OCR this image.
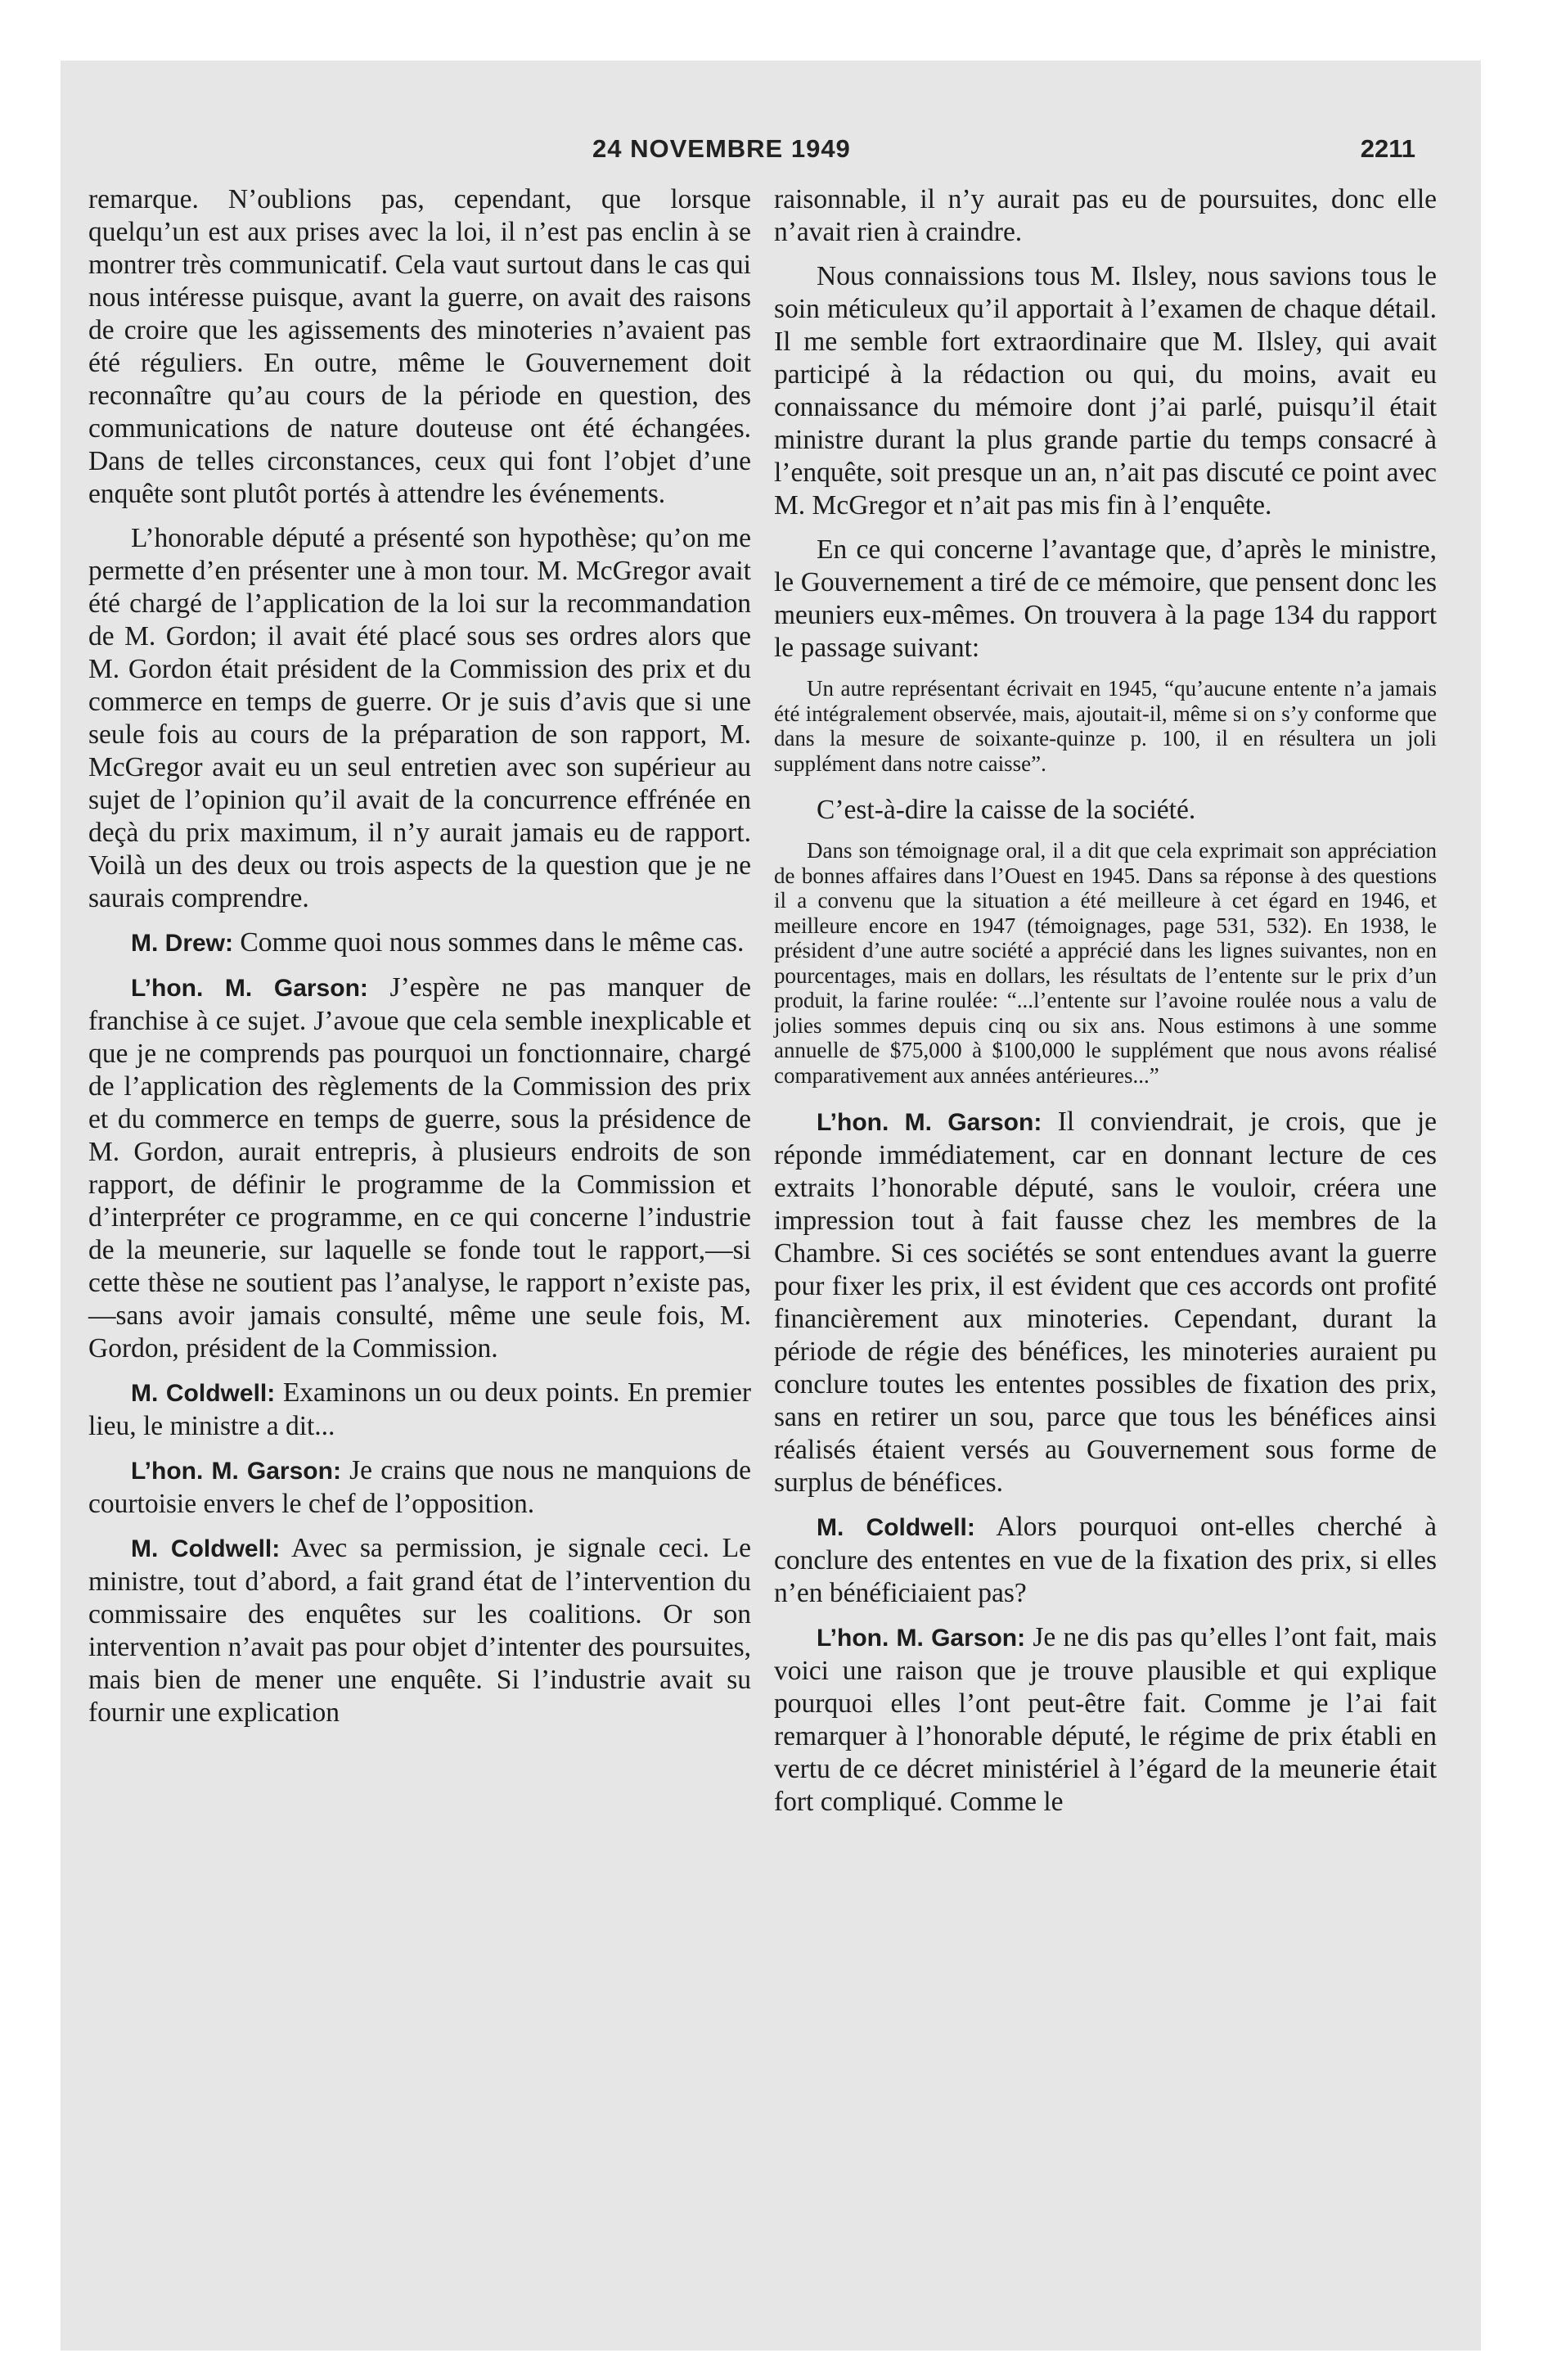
24 NOVEMBRE 1949	2211

remarque. N’oublions pas, cependant, que lorsque quelqu’un est aux prises avec la loi, il n’est pas enclin à se montrer très communicatif. Cela vaut surtout dans le cas qui nous intéresse puisque, avant la guerre, on avait des raisons de croire que les agissements des minoteries n’avaient pas été réguliers. En outre, même le Gouvernement doit reconnaître qu’au cours de la période en question, des communications de nature douteuse ont été échangées. Dans de telles circonstances, ceux qui font l’objet d’une enquête sont plutôt portés à attendre les événements.

L’honorable député a présenté son hypothèse; qu’on me permette d’en présenter une à mon tour. M. McGregor avait été chargé de l’application de la loi sur la recommandation de M. Gordon; il avait été placé sous ses ordres alors que M. Gordon était président de la Commission des prix et du commerce en temps de guerre. Or je suis d’avis que si une seule fois au cours de la préparation de son rapport, M. McGregor avait eu un seul entretien avec son supérieur au sujet de l’opinion qu’il avait de la concurrence effrénée en deçà du prix maximum, il n’y aurait jamais eu de rapport. Voilà un des deux ou trois aspects de la question que je ne saurais comprendre.

M. Drew: Comme quoi nous sommes dans le même cas.

L’hon. M. Garson: J’espère ne pas manquer de franchise à ce sujet. J’avoue que cela semble inexplicable et que je ne comprends pas pourquoi un fonctionnaire, chargé de l’application des règlements de la Commission des prix et du commerce en temps de guerre, sous la présidence de M. Gordon, aurait entrepris, à plusieurs endroits de son rapport, de définir le programme de la Commission et d’interpréter ce programme, en ce qui concerne l’industrie de la meunerie, sur laquelle se fonde tout le rapport,—si cette thèse ne soutient pas l’analyse, le rapport n’existe pas, —sans avoir jamais consulté, même une seule fois, M. Gordon, président de la Commission.

M. Coldwell: Examinons un ou deux points. En premier lieu, le ministre a dit...

L’hon. M. Garson: Je crains que nous ne manquions de courtoisie envers le chef de l’opposition.

M. Coldwell: Avec sa permission, je signale ceci. Le ministre, tout d’abord, a fait grand état de l’intervention du commissaire des enquêtes sur les coalitions. Or son intervention n’avait pas pour objet d’intenter des poursuites, mais bien de mener une enquête. Si l’industrie avait su fournir une explication

raisonnable, il n’y aurait pas eu de poursuites, donc elle n’avait rien à craindre.

Nous connaissions tous M. Ilsley, nous savions tous le soin méticuleux qu’il apportait à l’examen de chaque détail. Il me semble fort extraordinaire que M. Ilsley, qui avait participé à la rédaction ou qui, du moins, avait eu connaissance du mémoire dont j’ai parlé, puisqu’il était ministre durant la plus grande partie du temps consacré à l’enquête, soit presque un an, n’ait pas discuté ce point avec M. McGregor et n’ait pas mis fin à l’enquête.

En ce qui concerne l’avantage que, d’après le ministre, le Gouvernement a tiré de ce mémoire, que pensent donc les meuniers eux-mêmes. On trouvera à la page 134 du rapport le passage suivant:

Un autre représentant écrivait en 1945, “qu’aucune entente n’a jamais été intégralement observée, mais, ajoutait-il, même si on s’y conforme que dans la mesure de soixante-quinze p. 100, il en résultera un joli supplément dans notre caisse”.

C’est-à-dire la caisse de la société.

Dans son témoignage oral, il a dit que cela exprimait son appréciation de bonnes affaires dans l’Ouest en 1945. Dans sa réponse à des questions il a convenu que la situation a été meilleure à cet égard en 1946, et meilleure encore en 1947 (témoignages, page 531, 532). En 1938, le président d’une autre société a apprécié dans les lignes suivantes, non en pourcentages, mais en dollars, les résultats de l’entente sur le prix d’un produit, la farine roulée: “...l’entente sur l’avoine roulée nous a valu de jolies sommes depuis cinq ou six ans. Nous estimons à une somme annuelle de $75,000 à $100,000 le supplément que nous avons réalisé comparativement aux années antérieures...”

L’hon. M. Garson: Il conviendrait, je crois, que je réponde immédiatement, car en donnant lecture de ces extraits l’honorable député, sans le vouloir, créera une impression tout à fait fausse chez les membres de la Chambre. Si ces sociétés se sont entendues avant la guerre pour fixer les prix, il est évident que ces accords ont profité financièrement aux minoteries. Cependant, durant la période de régie des bénéfices, les minoteries auraient pu conclure toutes les ententes possibles de fixation des prix, sans en retirer un sou, parce que tous les bénéfices ainsi réalisés étaient versés au Gouvernement sous forme de surplus de bénéfices.

M. Coldwell: Alors pourquoi ont-elles cherché à conclure des ententes en vue de la fixation des prix, si elles n’en bénéficiaient pas?

L’hon. M. Garson: Je ne dis pas qu’elles l’ont fait, mais voici une raison que je trouve plausible et qui explique pourquoi elles l’ont peut-être fait. Comme je l’ai fait remarquer à l’honorable député, le régime de prix établi en vertu de ce décret ministériel à l’égard de la meunerie était fort compliqué. Comme le
